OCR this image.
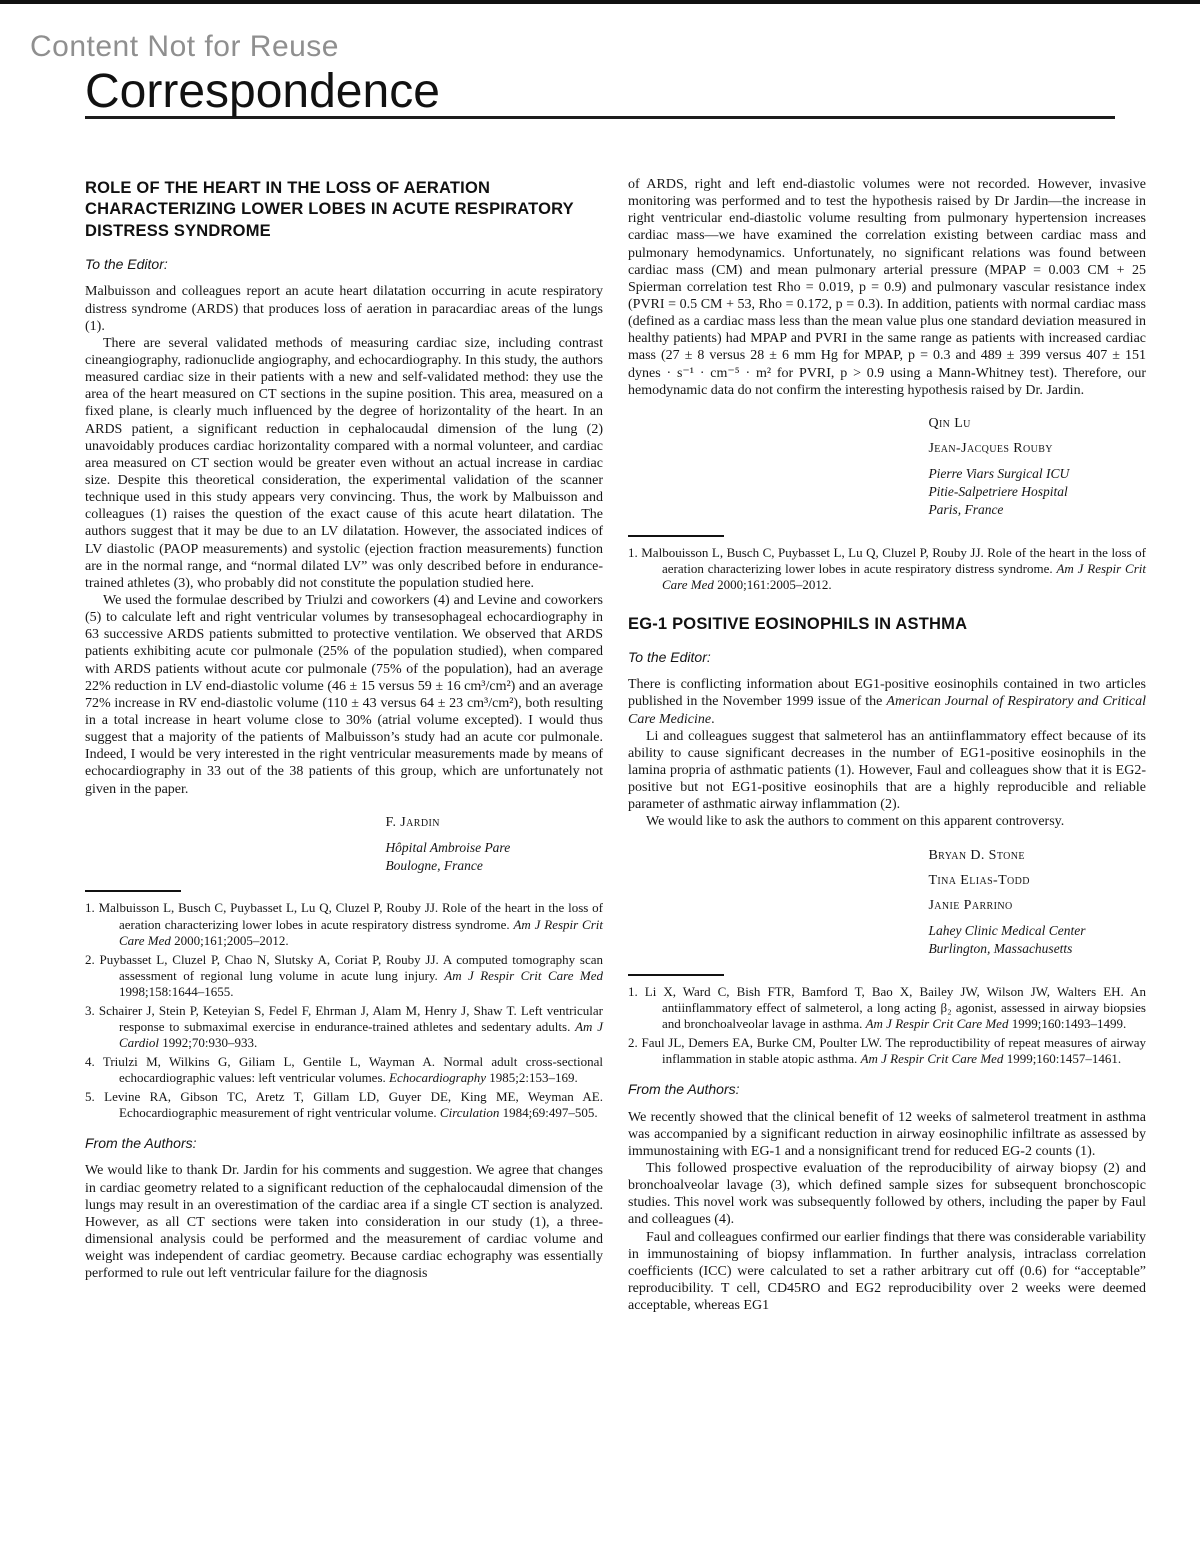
Content Not for Reuse
Correspondence
ROLE OF THE HEART IN THE LOSS OF AERATION CHARACTERIZING LOWER LOBES IN ACUTE RESPIRATORY DISTRESS SYNDROME
To the Editor:
Malbuisson and colleagues report an acute heart dilatation occurring in acute respiratory distress syndrome (ARDS) that produces loss of aeration in paracardiac areas of the lungs (1).
There are several validated methods of measuring cardiac size, including contrast cineangiography, radionuclide angiography, and echocardiography. In this study, the authors measured cardiac size in their patients with a new and self-validated method: they use the area of the heart measured on CT sections in the supine position. This area, measured on a fixed plane, is clearly much influenced by the degree of horizontality of the heart. In an ARDS patient, a significant reduction in cephalocaudal dimension of the lung (2) unavoidably produces cardiac horizontality compared with a normal volunteer, and cardiac area measured on CT section would be greater even without an actual increase in cardiac size. Despite this theoretical consideration, the experimental validation of the scanner technique used in this study appears very convincing. Thus, the work by Malbuisson and colleagues (1) raises the question of the exact cause of this acute heart dilatation. The authors suggest that it may be due to an LV dilatation. However, the associated indices of LV diastolic (PAOP measurements) and systolic (ejection fraction measurements) function are in the normal range, and “normal dilated LV” was only described before in endurance-trained athletes (3), who probably did not constitute the population studied here.
We used the formulae described by Triulzi and coworkers (4) and Levine and coworkers (5) to calculate left and right ventricular volumes by transesophageal echocardiography in 63 successive ARDS patients submitted to protective ventilation. We observed that ARDS patients exhibiting acute cor pulmonale (25% of the population studied), when compared with ARDS patients without acute cor pulmonale (75% of the population), had an average 22% reduction in LV end-diastolic volume (46 ± 15 versus 59 ± 16 cm³/cm²) and an average 72% increase in RV end-diastolic volume (110 ± 43 versus 64 ± 23 cm³/cm²), both resulting in a total increase in heart volume close to 30% (atrial volume excepted). I would thus suggest that a majority of the patients of Malbuisson’s study had an acute cor pulmonale. Indeed, I would be very interested in the right ventricular measurements made by means of echocardiography in 33 out of the 38 patients of this group, which are unfortunately not given in the paper.
F. Jardin
Hôpital Ambroise Pare
Boulogne, France
1. Malbuisson L, Busch C, Puybasset L, Lu Q, Cluzel P, Rouby JJ. Role of the heart in the loss of aeration characterizing lower lobes in acute respiratory distress syndrome. Am J Respir Crit Care Med 2000;161;2005–2012.
2. Puybasset L, Cluzel P, Chao N, Slutsky A, Coriat P, Rouby JJ. A computed tomography scan assessment of regional lung volume in acute lung injury. Am J Respir Crit Care Med 1998;158:1644–1655.
3. Schairer J, Stein P, Keteyian S, Fedel F, Ehrman J, Alam M, Henry J, Shaw T. Left ventricular response to submaximal exercise in endurance-trained athletes and sedentary adults. Am J Cardiol 1992;70:930–933.
4. Triulzi M, Wilkins G, Giliam L, Gentile L, Wayman A. Normal adult cross-sectional echocardiographic values: left ventricular volumes. Echocardiography 1985;2:153–169.
5. Levine RA, Gibson TC, Aretz T, Gillam LD, Guyer DE, King ME, Weyman AE. Echocardiographic measurement of right ventricular volume. Circulation 1984;69:497–505.
From the Authors:
We would like to thank Dr. Jardin for his comments and suggestion. We agree that changes in cardiac geometry related to a significant reduction of the cephalocaudal dimension of the lungs may result in an overestimation of the cardiac area if a single CT section is analyzed. However, as all CT sections were taken into consideration in our study (1), a three-dimensional analysis could be performed and the measurement of cardiac volume and weight was independent of cardiac geometry. Because cardiac echography was essentially performed to rule out left ventricular failure for the diagnosis
of ARDS, right and left end-diastolic volumes were not recorded. However, invasive monitoring was performed and to test the hypothesis raised by Dr Jardin—the increase in right ventricular end-diastolic volume resulting from pulmonary hypertension increases cardiac mass—we have examined the correlation existing between cardiac mass and pulmonary hemodynamics. Unfortunately, no significant relations was found between cardiac mass (CM) and mean pulmonary arterial pressure (MPAP = 0.003 CM + 25 Spierman correlation test Rho = 0.019, p = 0.9) and pulmonary vascular resistance index (PVRI = 0.5 CM + 53, Rho = 0.172, p = 0.3). In addition, patients with normal cardiac mass (defined as a cardiac mass less than the mean value plus one standard deviation measured in healthy patients) had MPAP and PVRI in the same range as patients with increased cardiac mass (27 ± 8 versus 28 ± 6 mm Hg for MPAP, p = 0.3 and 489 ± 399 versus 407 ± 151 dynes · s⁻¹ · cm⁻⁵ · m² for PVRI, p > 0.9 using a Mann-Whitney test). Therefore, our hemodynamic data do not confirm the interesting hypothesis raised by Dr. Jardin.
Qin Lu
Jean-Jacques Rouby
Pierre Viars Surgical ICU
Pitie-Salpetriere Hospital
Paris, France
1. Malbouisson L, Busch C, Puybasset L, Lu Q, Cluzel P, Rouby JJ. Role of the heart in the loss of aeration characterizing lower lobes in acute respiratory distress syndrome. Am J Respir Crit Care Med 2000;161:2005–2012.
EG-1 POSITIVE EOSINOPHILS IN ASTHMA
To the Editor:
There is conflicting information about EG1-positive eosinophils contained in two articles published in the November 1999 issue of the American Journal of Respiratory and Critical Care Medicine.
Li and colleagues suggest that salmeterol has an antiinflammatory effect because of its ability to cause significant decreases in the number of EG1-positive eosinophils in the lamina propria of asthmatic patients (1). However, Faul and colleagues show that it is EG2-positive but not EG1-positive eosinophils that are a highly reproducible and reliable parameter of asthmatic airway inflammation (2).
We would like to ask the authors to comment on this apparent controversy.
Bryan D. Stone
Tina Elias-Todd
Janie Parrino
Lahey Clinic Medical Center
Burlington, Massachusetts
1. Li X, Ward C, Bish FTR, Bamford T, Bao X, Bailey JW, Wilson JW, Walters EH. An antiinflammatory effect of salmeterol, a long acting β₂ agonist, assessed in airway biopsies and bronchoalveolar lavage in asthma. Am J Respir Crit Care Med 1999;160:1493–1499.
2. Faul JL, Demers EA, Burke CM, Poulter LW. The reproductibility of repeat measures of airway inflammation in stable atopic asthma. Am J Respir Crit Care Med 1999;160:1457–1461.
From the Authors:
We recently showed that the clinical benefit of 12 weeks of salmeterol treatment in asthma was accompanied by a significant reduction in airway eosinophilic infiltrate as assessed by immunostaining with EG-1 and a nonsignificant trend for reduced EG-2 counts (1).
This followed prospective evaluation of the reproducibility of airway biopsy (2) and bronchoalveolar lavage (3), which defined sample sizes for subsequent bronchoscopic studies. This novel work was subsequently followed by others, including the paper by Faul and colleagues (4).
Faul and colleagues confirmed our earlier findings that there was considerable variability in immunostaining of biopsy inflammation. In further analysis, intraclass correlation coefficients (ICC) were calculated to set a rather arbitrary cut off (0.6) for “acceptable” reproducibility. T cell, CD45RO and EG2 reproducibility over 2 weeks were deemed acceptable, whereas EG1
